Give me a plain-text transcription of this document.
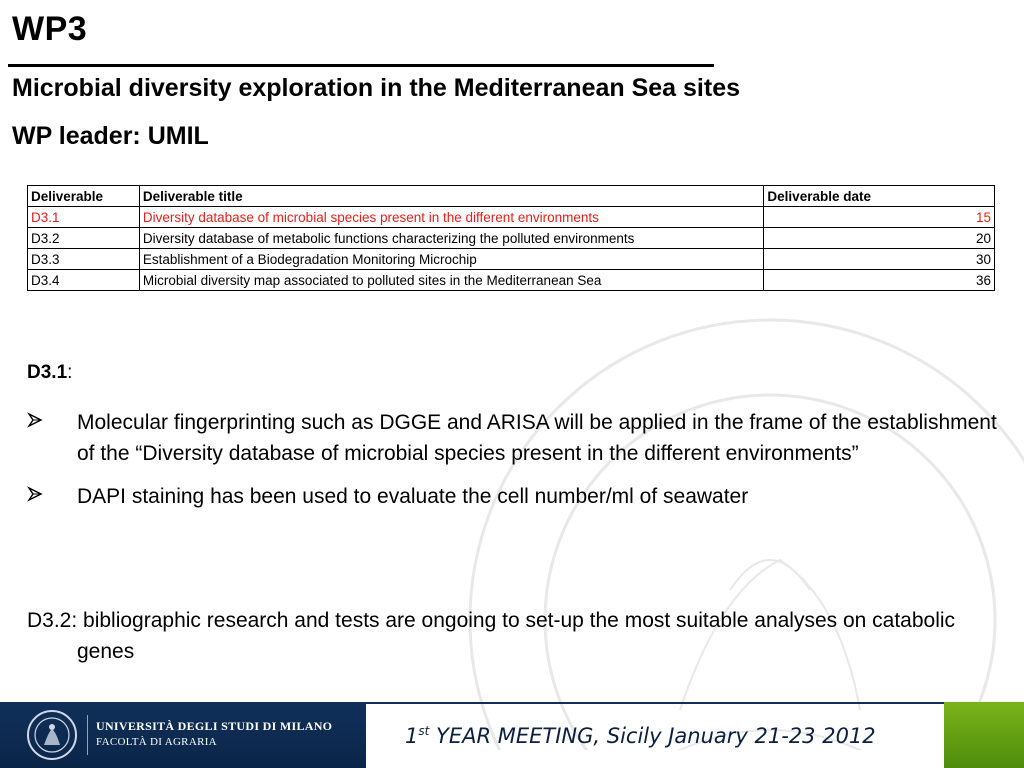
WP3
Microbial diversity exploration in the Mediterranean Sea sites
WP leader: UMIL
Deliverable	Deliverable title	Deliverable date
D3.1	Diversity database of microbial species present in the different environments	15
D3.2	Diversity database of metabolic functions characterizing the polluted environments	20
D3.3	Establishment of a Biodegradation Monitoring Microchip	30
D3.4	Microbial diversity map associated to polluted sites in the Mediterranean Sea	36
D3.1:
Molecular fingerprinting such as DGGE and ARISA will be applied in the frame of the establishment of the “Diversity database of microbial species present in the different environments”
DAPI staining has been used to evaluate the cell number/ml of seawater
D3.2: bibliographic research and tests are ongoing to set-up the most suitable analyses on catabolic genes
UNIVERSITÀ DEGLI STUDI DI MILANO
FACOLTÀ DI AGRARIA	1st YEAR MEETING, Sicily January 21-23 2012
